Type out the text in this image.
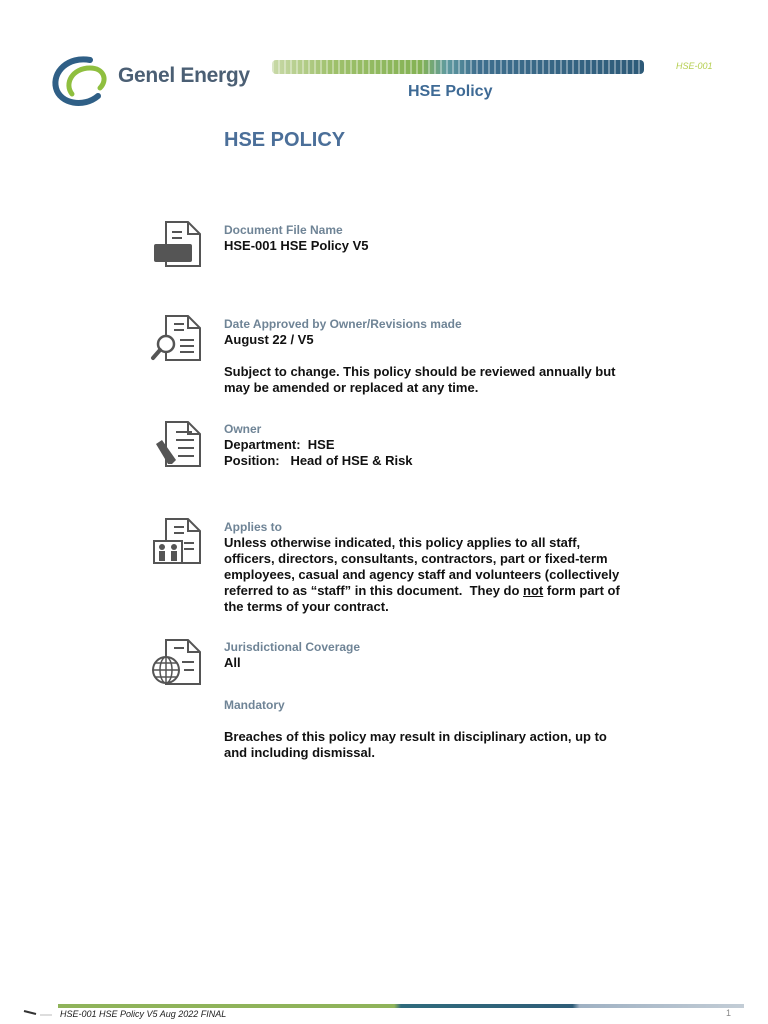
Genel Energy	HSE-001
HSE Policy
HSE POLICY
Document File Name
HSE-001 HSE Policy V5
Date Approved by Owner/Revisions made
August 22 / V5
Subject to change. This policy should be reviewed annually but
may be amended or replaced at any time.
Owner
Department:  HSE
Position:   Head of HSE & Risk
Applies to
Unless otherwise indicated, this policy applies to all staff,
officers, directors, consultants, contractors, part or fixed-term
employees, casual and agency staff and volunteers (collectively
referred to as “staff” in this document.  They do not form part of
the terms of your contract.
Jurisdictional Coverage
All
Mandatory
Breaches of this policy may result in disciplinary action, up to
and including dismissal.
HSE-001 HSE Policy V5 Aug 2022 FINAL	1
